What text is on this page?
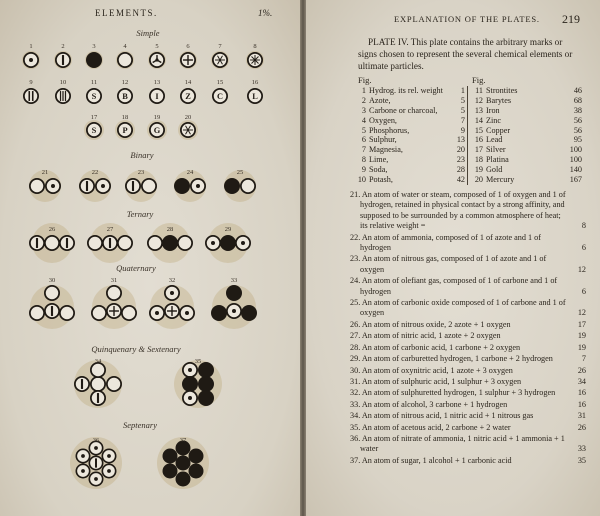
ELEMENTS.	1%.
Simple
Binary
Ternary
Quaternary
Quinquenary & Sextenary
Septenary
S	B	I	Z	C	L
S	P	G
1	2	3	4	5	6	7	8
9	10	11	12	13	14	15	16
17	18	19	20
21	22	23	24	25
26	27	28	29
30	31	32	33
34	35
36	37
EXPLANATION OF THE PLATES. 219

PLATE IV. This plate contains the arbitrary marks or signs chosen to represent the several chemical elements or ultimate particles.

Fig.	Fig.
1 Hydrog. its rel. weight	1	11 Strontites	46
2 Azote,	5	12 Barytes	68
3 Carbone or charcoal,	5	13 Iron	38
4 Oxygen,	7	14 Zinc	56
5 Phosphorus,	9	15 Copper	56
6 Sulphur,	13	16 Lead	95
7 Magnesia,	20	17 Silver	100
8 Lime,	23	18 Platina	100
9 Soda,	28	19 Gold	140
10 Potash,	42	20 Mercury	167
21. An atom of water or steam, composed of 1 of oxygen and 1 of hydrogen, retained in physical contact by a strong affinity, and supposed to be surrounded by a common atmosphere of heat; its relative weight =	8
22. An atom of ammonia, composed of 1 of azote and 1 of hydrogen	6
23. An atom of nitrous gas, composed of 1 of azote and 1 of oxygen	12
24. An atom of olefiant gas, composed of 1 of carbone and 1 of hydrogen	6
25. An atom of carbonic oxide composed of 1 of carbone and 1 of oxygen	12
26. An atom of nitrous oxide, 2 azote + 1 oxygen	17
27. An atom of nitric acid, 1 azote + 2 oxygen	19
28. An atom of carbonic acid, 1 carbone + 2 oxygen	19
29. An atom of carburetted hydrogen, 1 carbone + 2 hydrogen	7
30. An atom of oxynitric acid, 1 azote + 3 oxygen	26
31. An atom of sulphuric acid, 1 sulphur + 3 oxygen	34
32. An atom of sulphuretted hydrogen, 1 sulphur + 3 hydrogen	16
33. An atom of alcohol, 3 carbone + 1 hydrogen	16
34. An atom of nitrous acid, 1 nitric acid + 1 nitrous gas	31
35. An atom of acetous acid, 2 carbone + 2 water	26
36. An atom of nitrate of ammonia, 1 nitric acid + 1 ammonia + 1 water	33
37. An atom of sugar, 1 alcohol + 1 carbonic acid	35
